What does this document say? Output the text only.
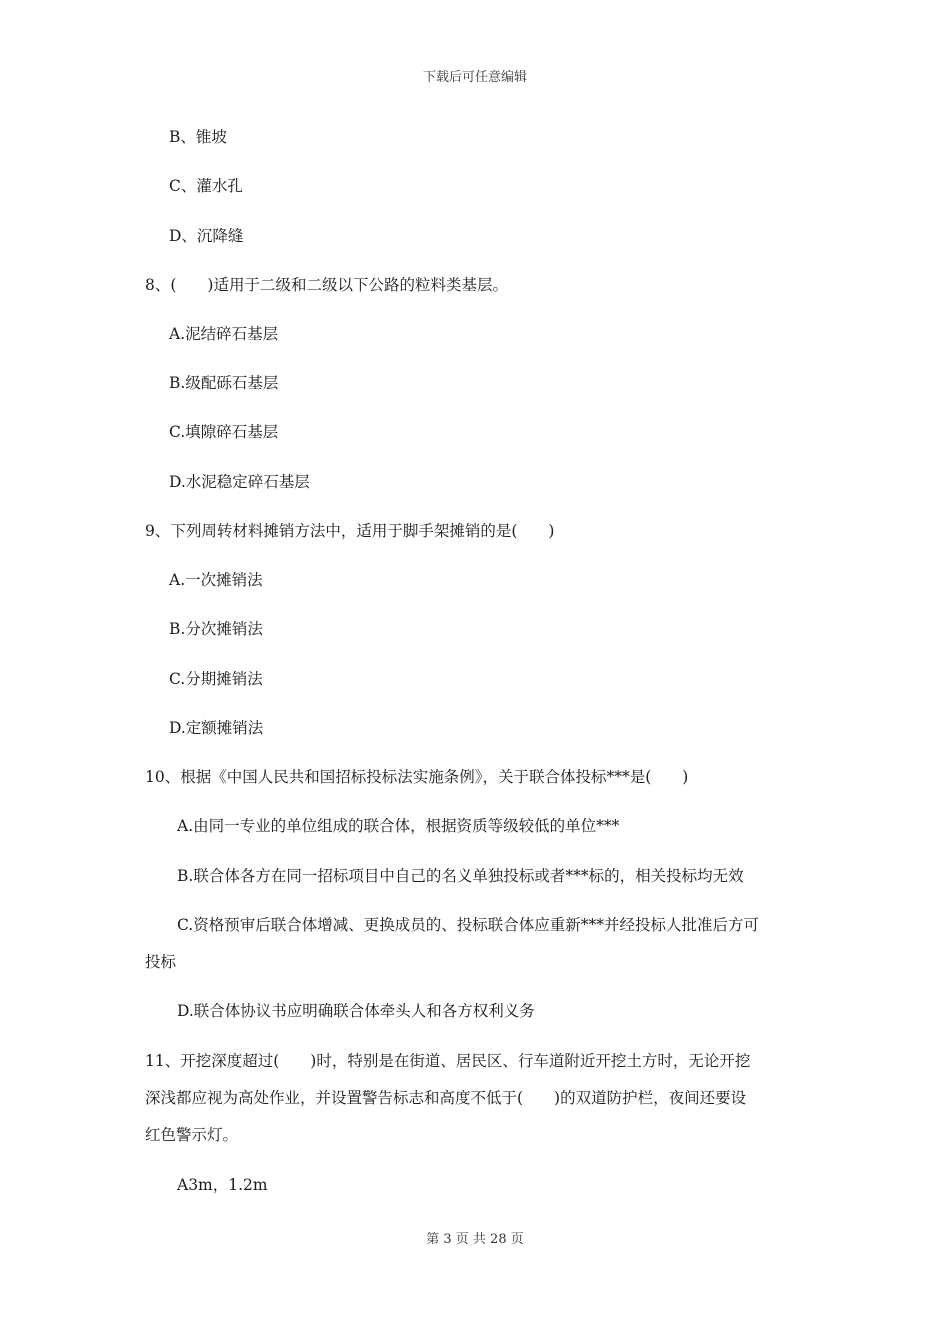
下载后可任意编辑
B、锥坡
C、灌水孔
D、沉降缝
8、(　　)适用于二级和二级以下公路的粒料类基层。
A.泥结碎石基层
B.级配砾石基层
C.填隙碎石基层
D.水泥稳定碎石基层
9、下列周转材料摊销方法中，适用于脚手架摊销的是(　　)
A.一次摊销法
B.分次摊销法
C.分期摊销法
D.定额摊销法
10、根据《中国人民共和国招标投标法实施条例》，关于联合体投标***是(　　)
A.由同一专业的单位组成的联合体，根据资质等级较低的单位***
B.联合体各方在同一招标项目中自己的名义单独投标或者***标的，相关投标均无效
C.资格预审后联合体增减、更换成员的、投标联合体应重新***并经投标人批准后方可
投标
D.联合体协议书应明确联合体牵头人和各方权利义务
11、开挖深度超过(　　)时，特别是在街道、居民区、行车道附近开挖土方时，无论开挖
深浅都应视为高处作业，并设置警告标志和高度不低于(　　)的双道防护栏，夜间还要设
红色警示灯。
A3m，1.2m
第 3 页 共 28 页
